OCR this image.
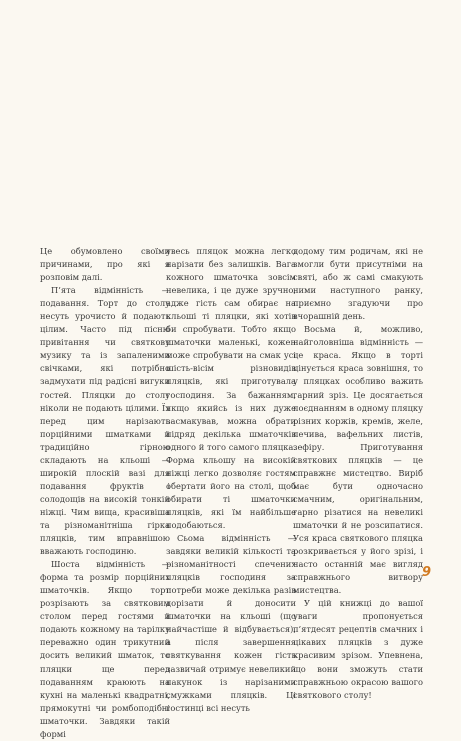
Це обумовлено своїми причинами, про які я розповім далі.

П’ята відмінність — подавання. Торт до столу несуть урочисто й подають цілим. Часто під пісню привітання чи святкову музику та із запаленими свічками, які потрібно задмухати під радісні вигуки гостей. Пляцки до столу ніколи не подають цілими. Їх перед цим нарізають порційними шматками й традиційно гірною складають на кльоші — широкій плоскій вазі для подавання фруктів і солодощів на високій тонкій ніжці. Чим вища, красивіша та різноманітніша гірка пляцків, тим вправнішою вважають господиню.

Шоста відмінність — форма та розмір порційних шматочків. Якщо торт розрізають за святковим столом перед гостями й подають кожному на тарілку переважно один трикутний досить великий шматок, то пляцки ще перед подаванням краюють на кухні на маленькі квадратні, прямокутні чи ромбоподібні шматочки. Завдяки такій формі

увесь пляцок можна легко нарізати без залишків. Вага кожного шматочка зовсім невелика, і це дуже зручно, адже гість сам обирає на кльоші ті пляцки, які хотів би спробувати. Тобто якщо шматочки маленькі, кожен може спробувати на смак усі шість-вісім різновидів пляцків, які приготувала господиня. За бажанням, якщо якийсь із них дуже засмакував, можна обрати підряд декілька шматочків одного й того самого пляцка. Форма кльошу на високій ніжці легко дозволяє гостям обертати його на столі, щоб обирати ті шматочки пляцків, які їм найбільше подобаються.

Сьома відмінність — завдяки великій кількості та різноманітності спечених пляцків господиня за потреби може декілька разів дорізати й доносити шматочки на кльоші (що найчастіше й відбувається), а після завершення святкування кожен гість зазвичай отримує невеликий пакунок із нарізаними смужками пляцків. Ці гостинці всі несуть

додому тим родичам, які не змогли бути присутніми на святі, або ж самі смакують ними наступного ранку, приємно згадуючи про вчорашній день.

Восьма й, можливо, найголовніша відмінність — це краса. Якщо в торті цінується краса зовнішня, то у пляцках особливо важить гарний зріз. Це досягається поєднанням в одному пляцку різних коржів, кремів, желе, печива, вафельних листів, зефіру. Приготування святкових пляцків — це справжнє мистецтво. Вирiб має бути одночасно смачним, оригінальним, гарно різатися на невеликі шматочки й не розсипатися. Уся краса святкового пляцка розкривається у його зрізі, і часто останній має вигляд справжнього витвору мистецтва.

У цій книжці до вашої уваги пропонується п’ятдесят рецептів смачних і цікавих пляцків з дуже красивим зрізом. Упевнена, що вони зможуть стати справжньою окрасою вашого святкового столу!

9
